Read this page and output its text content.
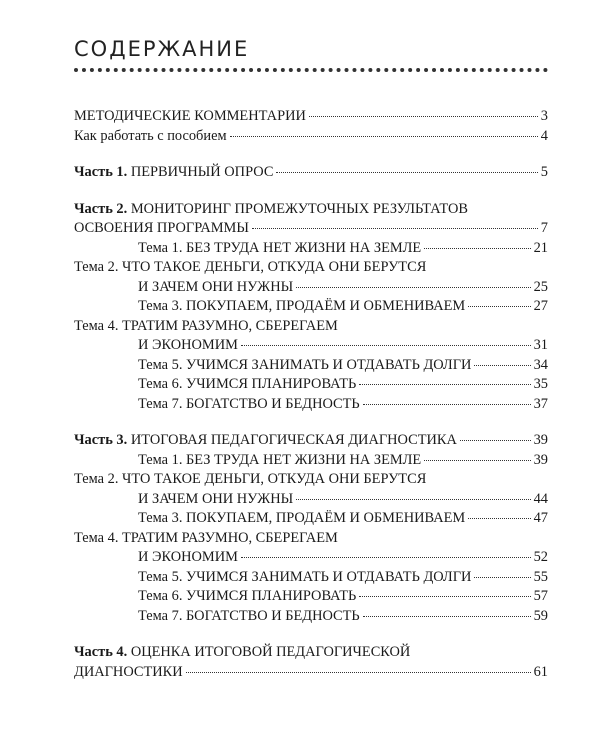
СОДЕРЖАНИЕ
МЕТОДИЧЕСКИЕ КОММЕНТАРИИ	3
Как работать с пособием	4
Часть 1. ПЕРВИЧНЫЙ ОПРОС	5
Часть 2. МОНИТОРИНГ ПРОМЕЖУТОЧНЫХ РЕЗУЛЬТАТОВ
ОСВОЕНИЯ ПРОГРАММЫ	7
Тема 1. БЕЗ ТРУДА НЕТ ЖИЗНИ НА ЗЕМЛЕ	21
Тема 2. ЧТО ТАКОЕ ДЕНЬГИ, ОТКУДА ОНИ БЕРУТСЯ
И ЗАЧЕМ ОНИ НУЖНЫ	25
Тема 3. ПОКУПАЕМ, ПРОДАЁМ И ОБМЕНИВАЕМ	27
Тема 4. ТРАТИМ РАЗУМНО, СБЕРЕГАЕМ
И ЭКОНОМИМ	31
Тема 5. УЧИМСЯ ЗАНИМАТЬ И ОТДАВАТЬ ДОЛГИ	34
Тема 6. УЧИМСЯ ПЛАНИРОВАТЬ	35
Тема 7. БОГАТСТВО И БЕДНОСТЬ	37
Часть 3. ИТОГОВАЯ ПЕДАГОГИЧЕСКАЯ ДИАГНОСТИКА	39
Тема 1. БЕЗ ТРУДА НЕТ ЖИЗНИ НА ЗЕМЛЕ	39
Тема 2. ЧТО ТАКОЕ ДЕНЬГИ, ОТКУДА ОНИ БЕРУТСЯ
И ЗАЧЕМ ОНИ НУЖНЫ	44
Тема 3. ПОКУПАЕМ, ПРОДАЁМ И ОБМЕНИВАЕМ	47
Тема 4. ТРАТИМ РАЗУМНО, СБЕРЕГАЕМ
И ЭКОНОМИМ	52
Тема 5. УЧИМСЯ ЗАНИМАТЬ И ОТДАВАТЬ ДОЛГИ	55
Тема 6. УЧИМСЯ ПЛАНИРОВАТЬ	57
Тема 7. БОГАТСТВО И БЕДНОСТЬ	59
Часть 4. ОЦЕНКА ИТОГОВОЙ ПЕДАГОГИЧЕСКОЙ
ДИАГНОСТИКИ	61
